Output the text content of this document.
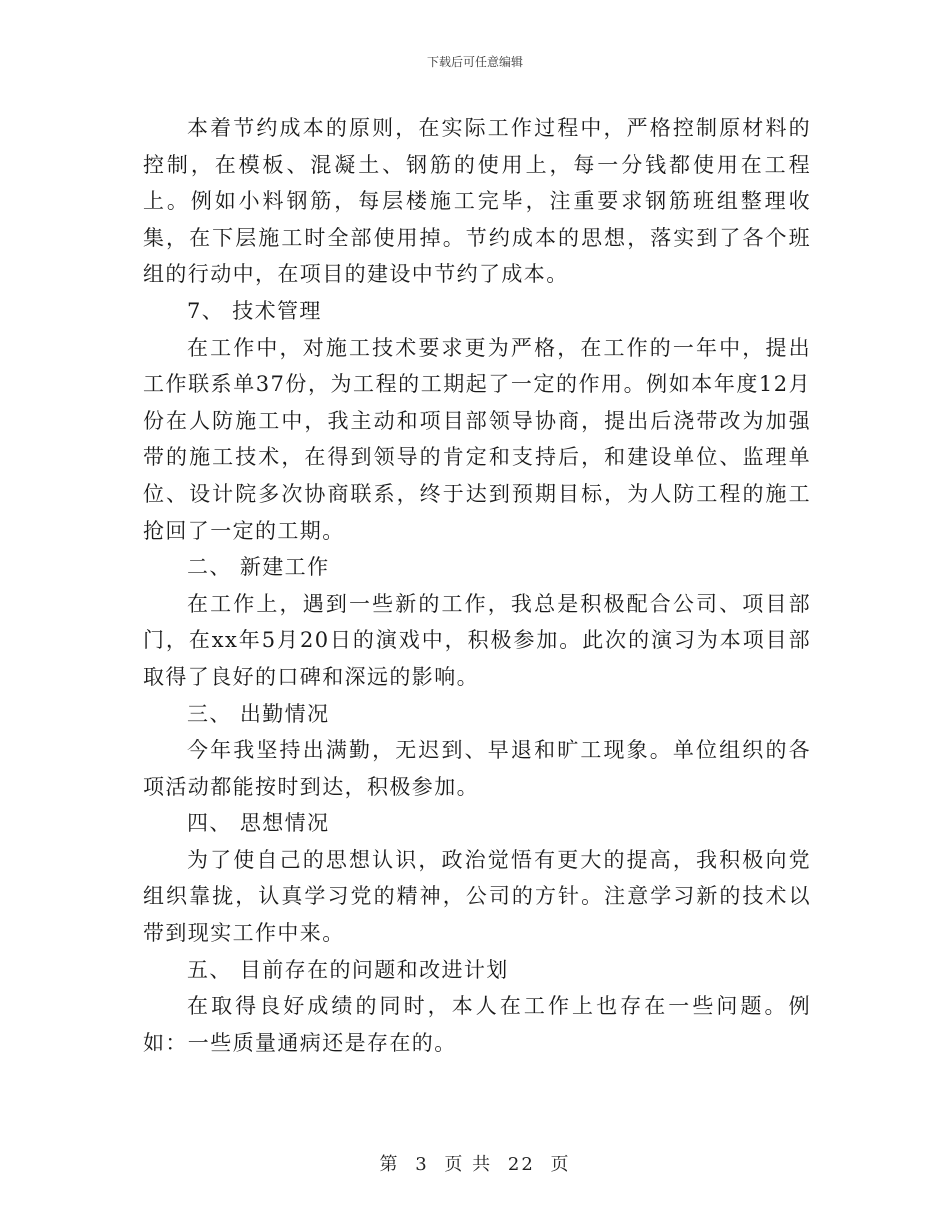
下载后可任意编辑

本着节约成本的原则，在实际工作过程中，严格控制原材料的控制，在模板、混凝土、钢筋的使用上，每一分钱都使用在工程上。例如小料钢筋，每层楼施工完毕，注重要求钢筋班组整理收集，在下层施工时全部使用掉。节约成本的思想，落实到了各个班组的行动中，在项目的建设中节约了成本。

7、 技术管理

在工作中，对施工技术要求更为严格，在工作的一年中，提出工作联系单37份，为工程的工期起了一定的作用。例如本年度12月份在人防施工中，我主动和项目部领导协商，提出后浇带改为加强带的施工技术，在得到领导的肯定和支持后，和建设单位、监理单位、设计院多次协商联系，终于达到预期目标，为人防工程的施工抢回了一定的工期。

二、 新建工作

在工作上，遇到一些新的工作，我总是积极配合公司、项目部门，在xx年5月20日的演戏中，积极参加。此次的演习为本项目部取得了良好的口碑和深远的影响。

三、 出勤情况

今年我坚持出满勤，无迟到、早退和旷工现象。单位组织的各项活动都能按时到达，积极参加。

四、 思想情况

为了使自己的思想认识，政治觉悟有更大的提高，我积极向党组织靠拢，认真学习党的精神，公司的方针。注意学习新的技术以带到现实工作中来。

五、 目前存在的问题和改进计划

在取得良好成绩的同时，本人在工作上也存在一些问题。例如：一些质量通病还是存在的。

第 3 页 共 22 页
